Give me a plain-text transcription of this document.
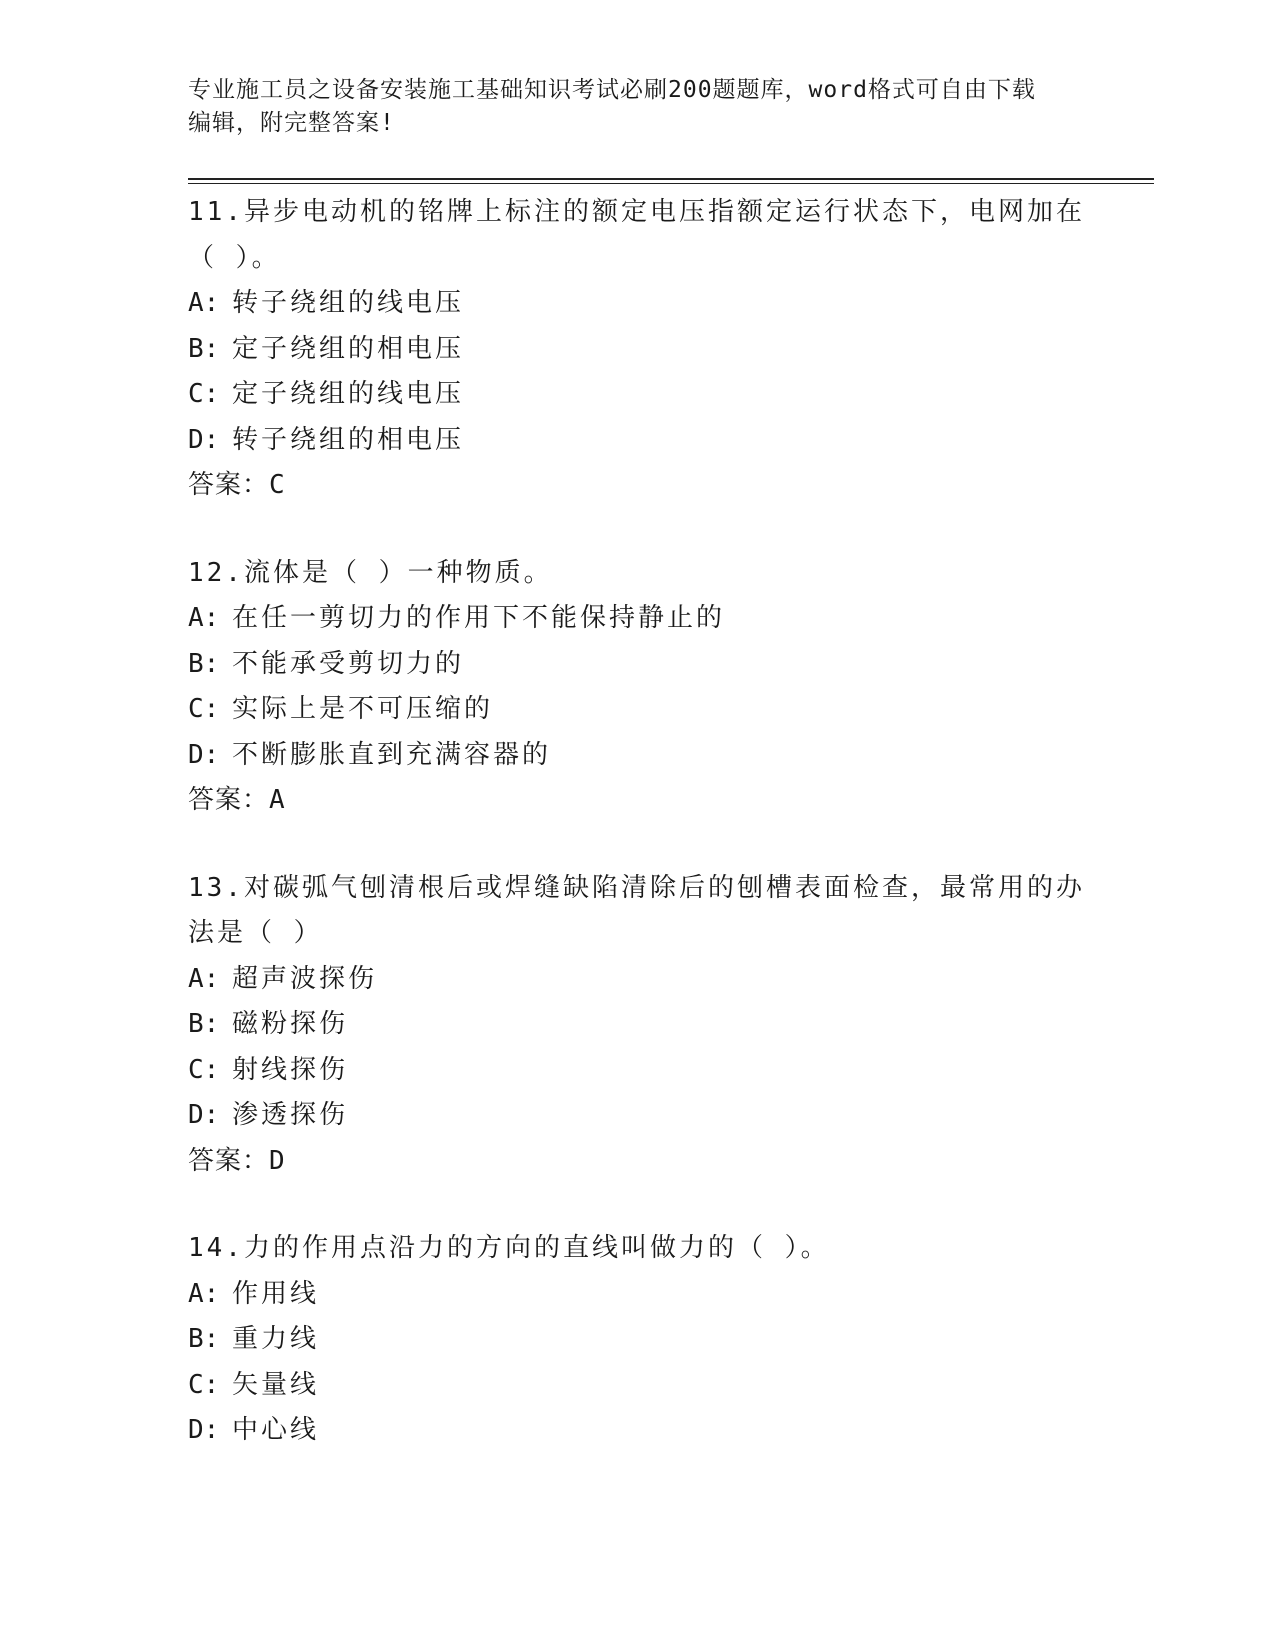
专业施工员之设备安装施工基础知识考试必刷200题题库，word格式可自由下载
编辑，附完整答案!
11.异步电动机的铭牌上标注的额定电压指额定运行状态下，电网加在
（ ）。
A: 转子绕组的线电压
B: 定子绕组的相电压
C: 定子绕组的线电压
D: 转子绕组的相电压
答案：C
12.流体是（ ）一种物质。
A: 在任一剪切力的作用下不能保持静止的
B: 不能承受剪切力的
C: 实际上是不可压缩的
D: 不断膨胀直到充满容器的
答案：A
13.对碳弧气刨清根后或焊缝缺陷清除后的刨槽表面检查，最常用的办
法是（ ）
A: 超声波探伤
B: 磁粉探伤
C: 射线探伤
D: 渗透探伤
答案：D
14.力的作用点沿力的方向的直线叫做力的（ ）。
A: 作用线
B: 重力线
C: 矢量线
D: 中心线
